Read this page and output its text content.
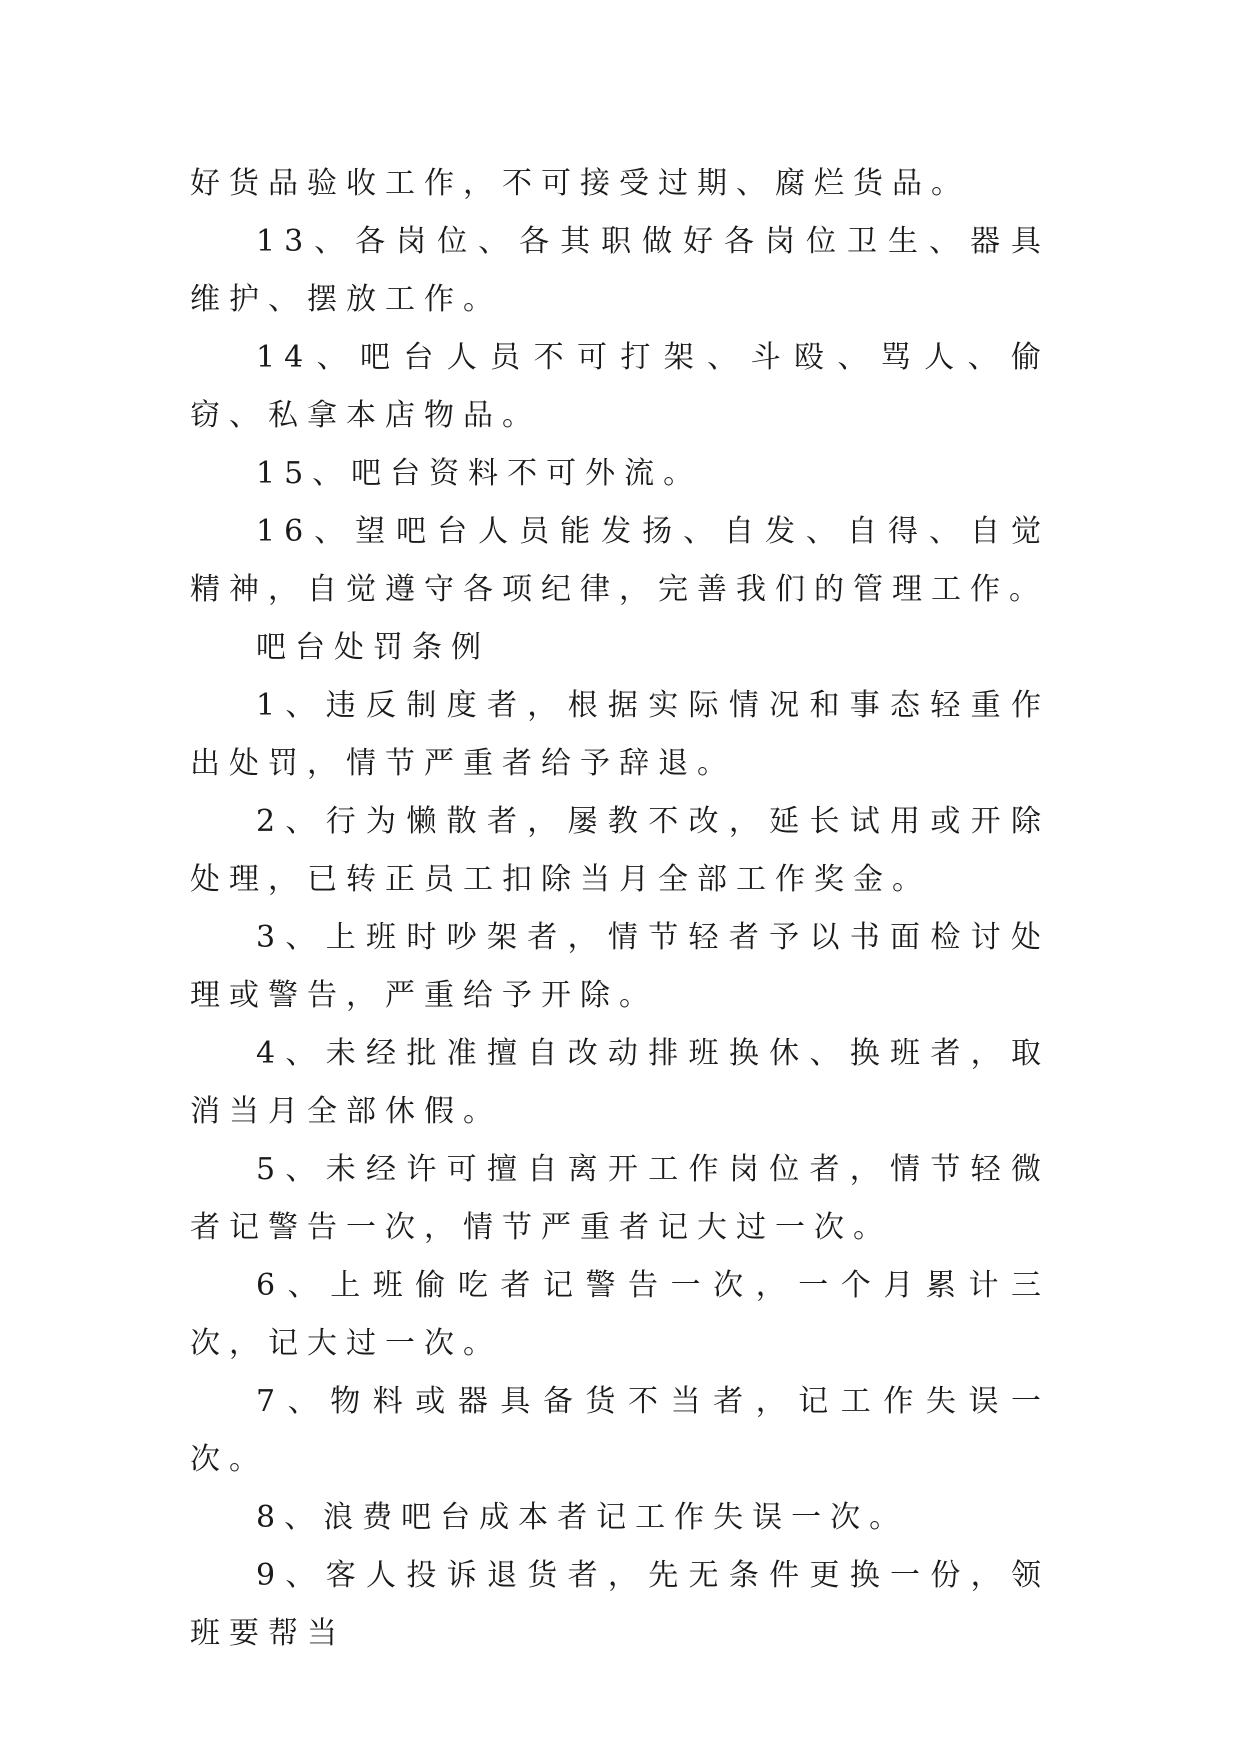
好货品验收工作，不可接受过期、腐烂货品。

13、各岗位、各其职做好各岗位卫生、器具维护、摆放工作。

14、吧台人员不可打架、斗殴、骂人、偷窃、私拿本店物品。

15、吧台资料不可外流。

16、望吧台人员能发扬、自发、自得、自觉精神，自觉遵守各项纪律，完善我们的管理工作。

吧台处罚条例

1、违反制度者，根据实际情况和事态轻重作出处罚，情节严重者给予辞退。

2、行为懒散者，屡教不改，延长试用或开除处理，已转正员工扣除当月全部工作奖金。

3、上班时吵架者，情节轻者予以书面检讨处理或警告，严重给予开除。

4、未经批准擅自改动排班换休、换班者，取消当月全部休假。

5、未经许可擅自离开工作岗位者，情节轻微者记警告一次，情节严重者记大过一次。

6、上班偷吃者记警告一次，一个月累计三次，记大过一次。

7、物料或器具备货不当者，记工作失误一次。

8、浪费吧台成本者记工作失误一次。

9、客人投诉退货者，先无条件更换一份，领班要帮当
